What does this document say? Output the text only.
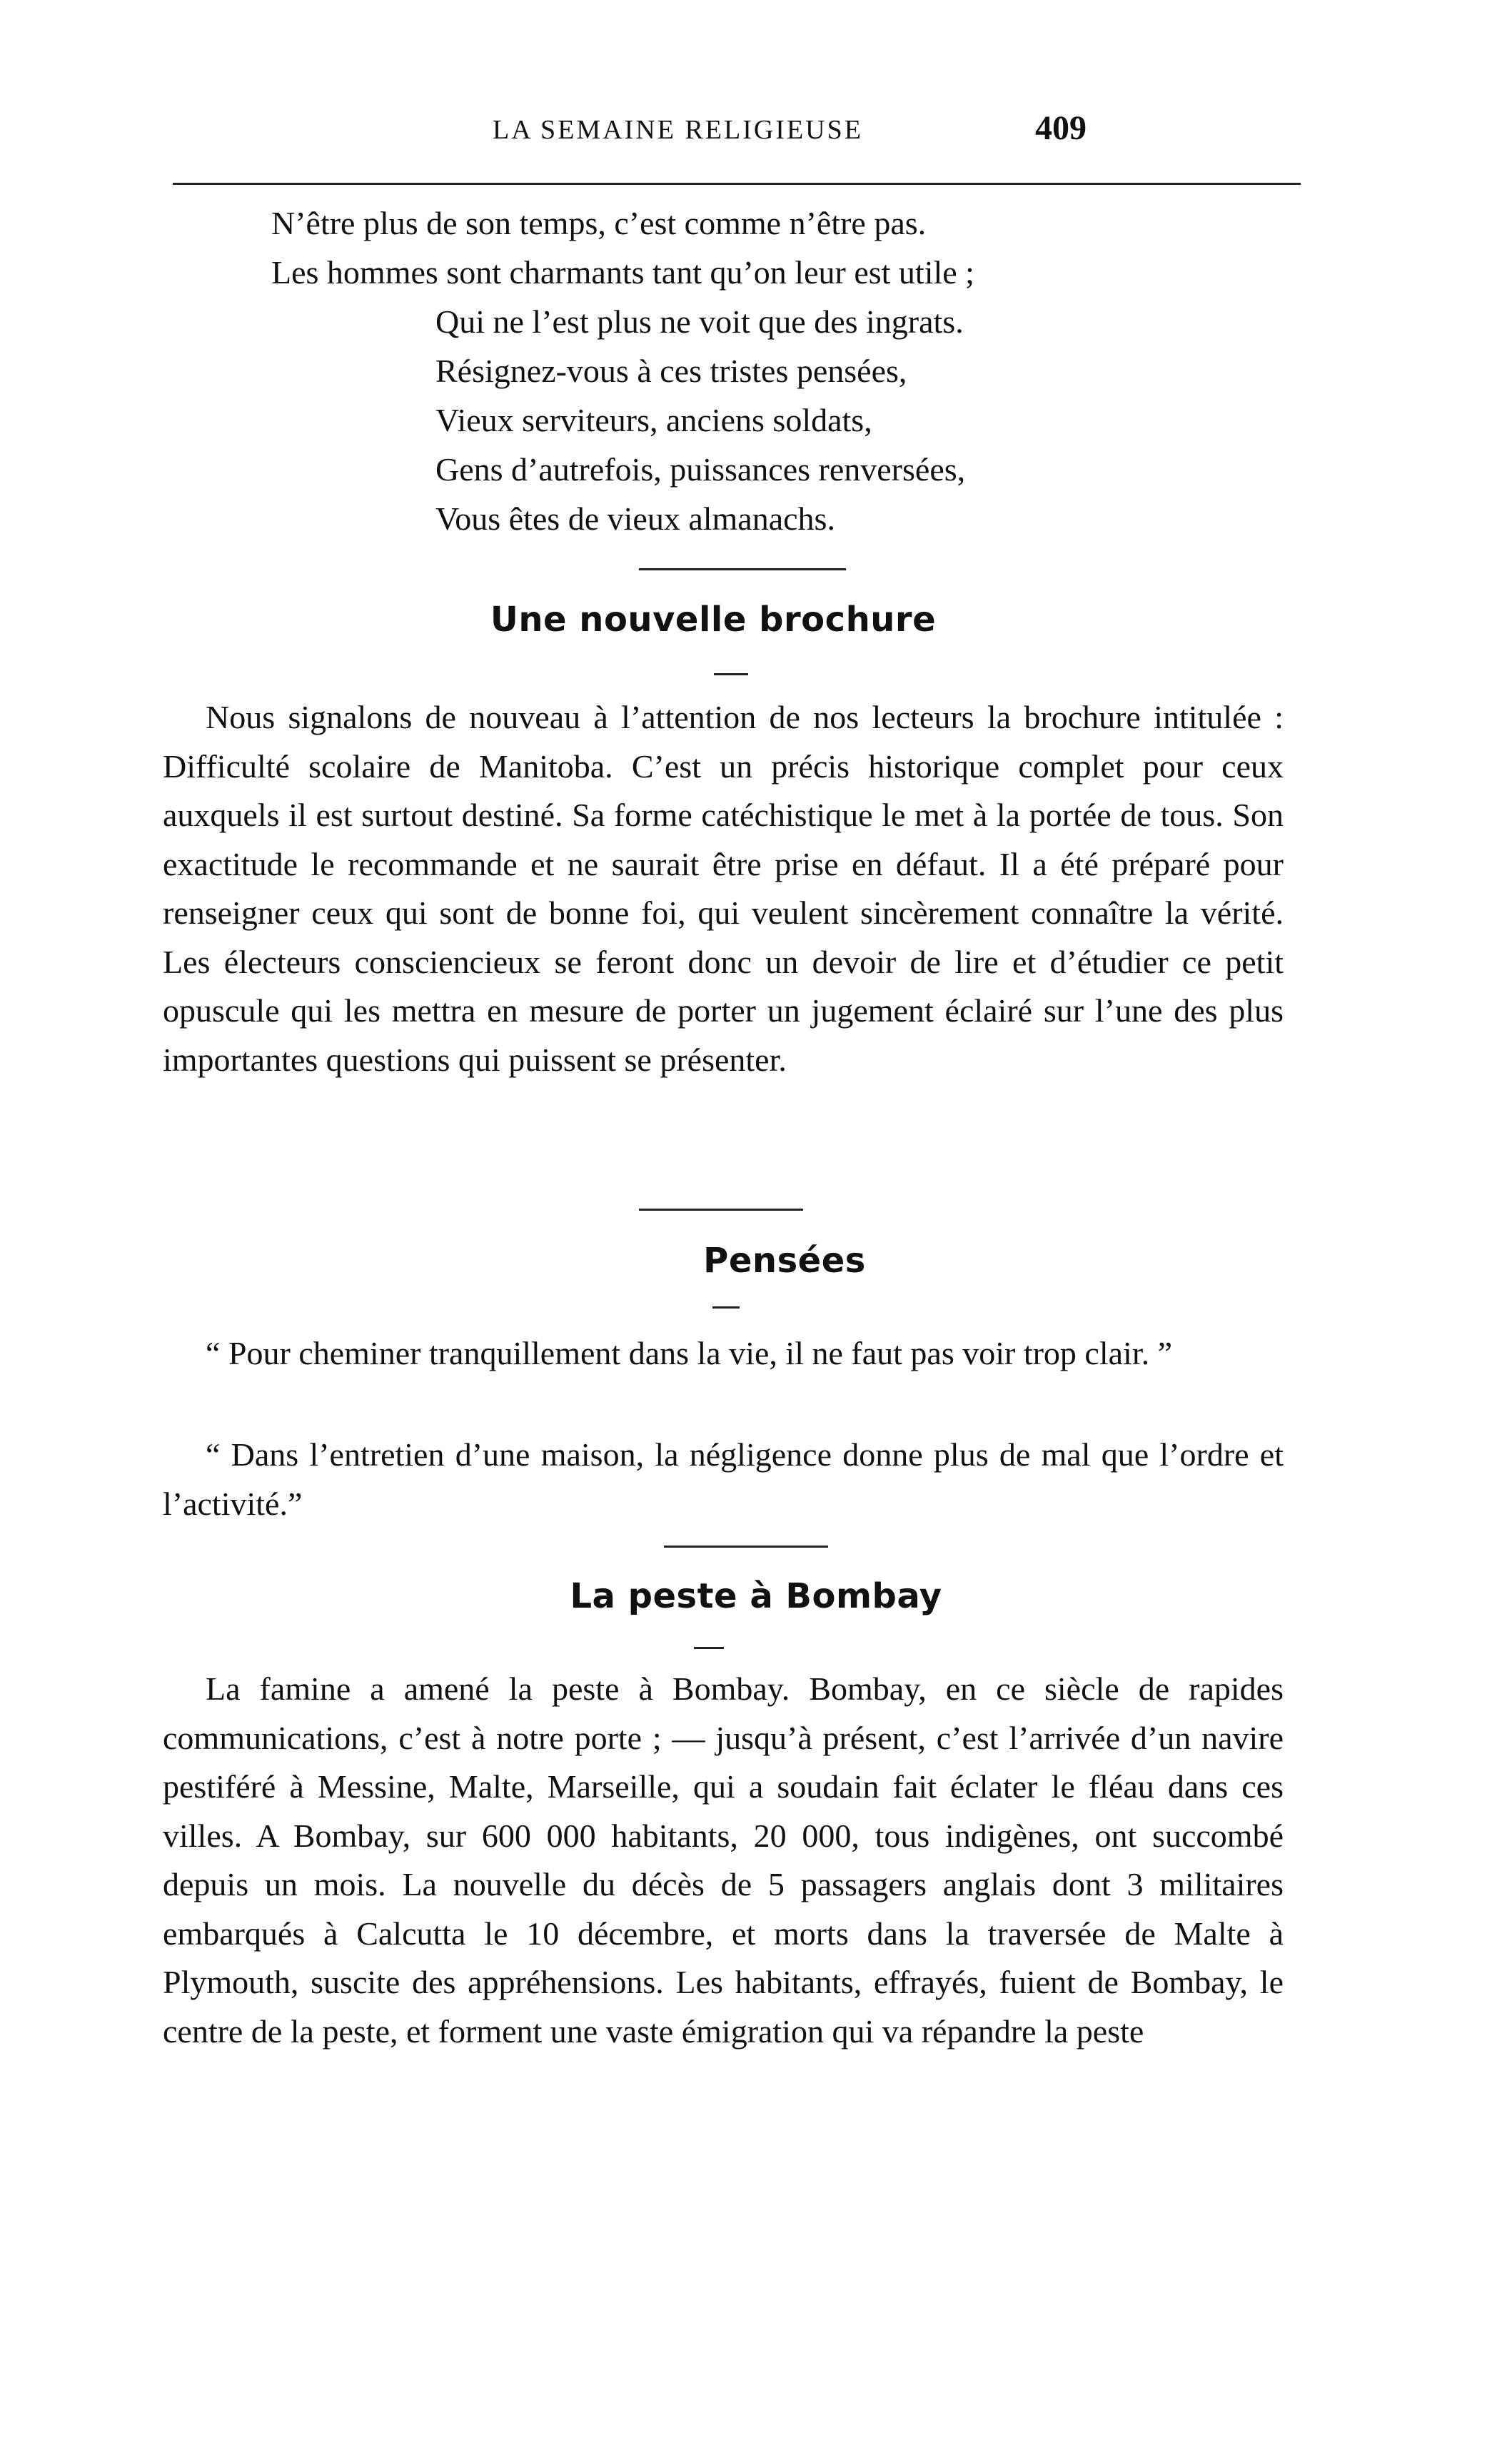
LA SEMAINE RELIGIEUSE	409
N’être plus de son temps, c’est comme n’être pas.
Les hommes sont charmants tant qu’on leur est utile ;
Qui ne l’est plus ne voit que des ingrats.
Résignez-vous à ces tristes pensées,
Vieux serviteurs, anciens soldats,
Gens d’autrefois, puissances renversées,
Vous êtes de vieux almanachs.
Une nouvelle brochure
Nous signalons de nouveau à l’attention de nos lecteurs la brochure intitulée : Difficulté scolaire de Manitoba. C’est un précis historique complet pour ceux auxquels il est surtout destiné. Sa forme catéchistique le met à la portée de tous. Son exactitude le recommande et ne saurait être prise en défaut. Il a été préparé pour renseigner ceux qui sont de bonne foi, qui veulent sincèrement connaître la vérité. Les électeurs consciencieux se feront donc un devoir de lire et d’étudier ce petit opuscule qui les mettra en mesure de porter un jugement éclairé sur l’une des plus importantes questions qui puissent se présenter.
Pensées
“ Pour cheminer tranquillement dans la vie, il ne faut pas voir trop clair. ”
“ Dans l’entretien d’une maison, la négligence donne plus de mal que l’ordre et l’activité.”
La peste à Bombay
La famine a amené la peste à Bombay. Bombay, en ce siècle de rapides communications, c’est à notre porte ; — jusqu’à présent, c’est l’arrivée d’un navire pestiféré à Messine, Malte, Marseille, qui a soudain fait éclater le fléau dans ces villes. A Bombay, sur 600 000 habitants, 20 000, tous indigènes, ont succombé depuis un mois. La nouvelle du décès de 5 passagers anglais dont 3 militaires embarqués à Calcutta le 10 décembre, et morts dans la traversée de Malte à Plymouth, suscite des appréhensions. Les habitants, effrayés, fuient de Bombay, le centre de la peste, et forment une vaste émigration qui va répandre la peste
